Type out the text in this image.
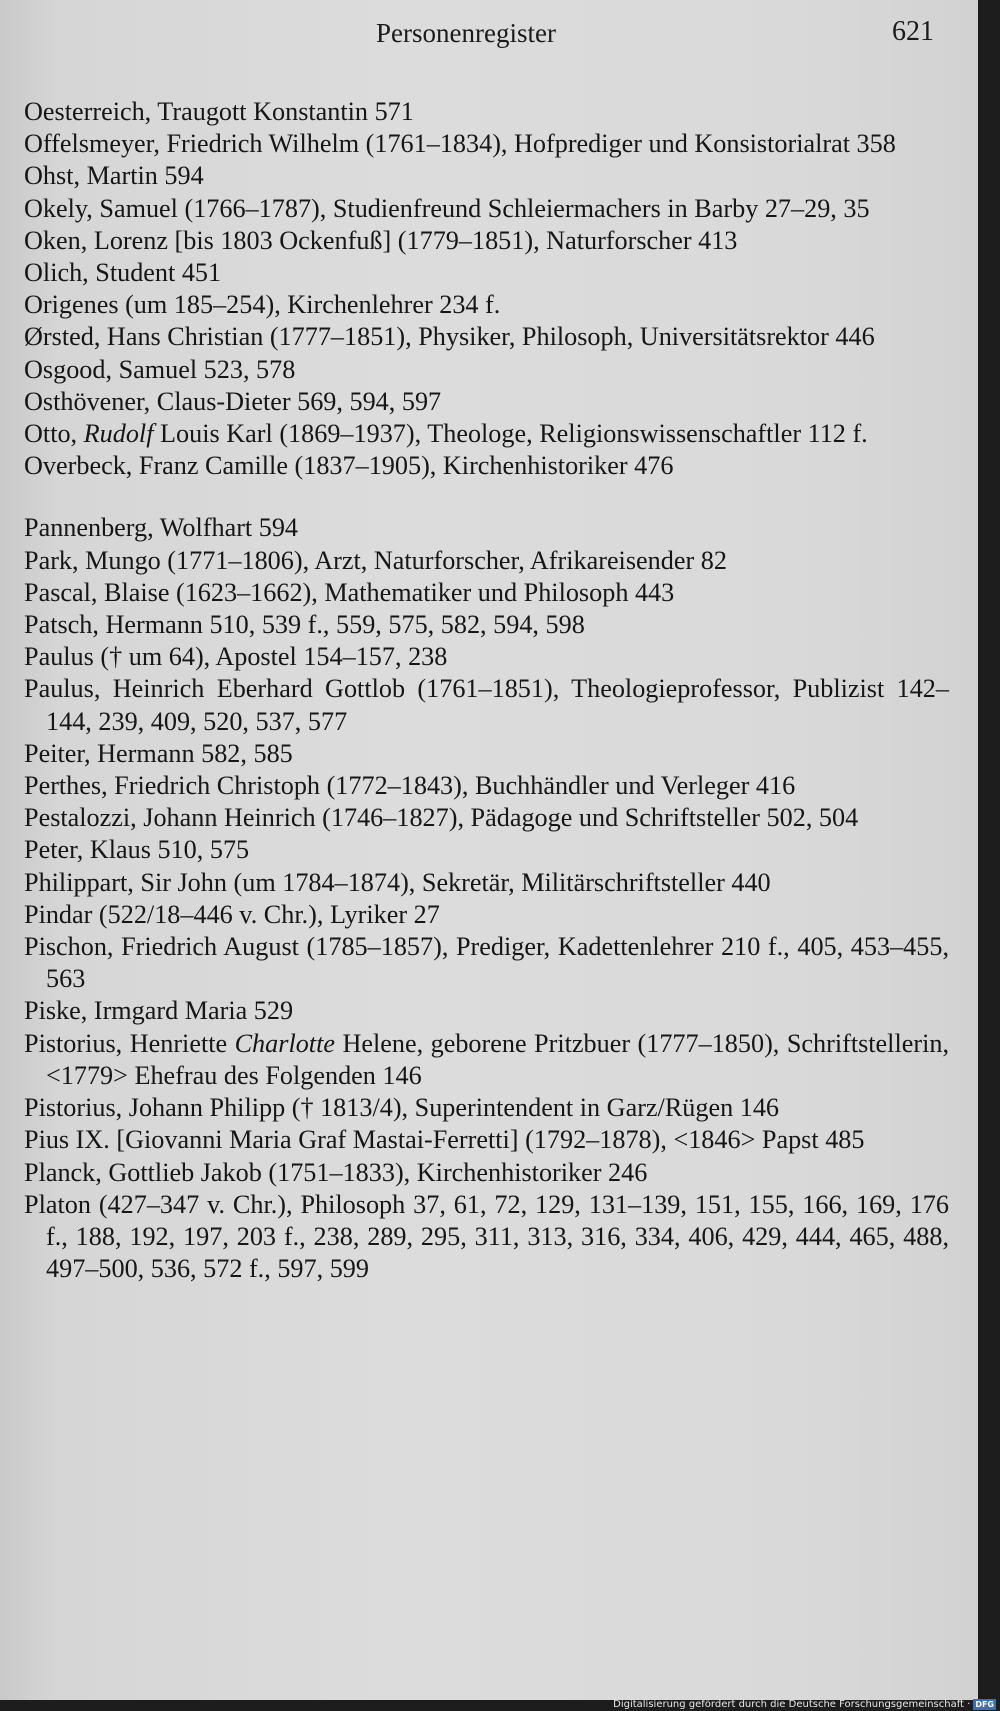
Personenregister	621
Oesterreich, Traugott Konstantin 571
Offelsmeyer, Friedrich Wilhelm (1761–1834), Hofprediger und Konsistorialrat 358
Ohst, Martin 594
Okely, Samuel (1766–1787), Studienfreund Schleiermachers in Barby 27–29, 35
Oken, Lorenz [bis 1803 Ockenfuß] (1779–1851), Naturforscher 413
Olich, Student 451
Origenes (um 185–254), Kirchenlehrer 234 f.
Ørsted, Hans Christian (1777–1851), Physiker, Philosoph, Universitätsrektor 446
Osgood, Samuel 523, 578
Osthövener, Claus-Dieter 569, 594, 597
Otto, Rudolf Louis Karl (1869–1937), Theologe, Religionswissenschaftler 112 f.
Overbeck, Franz Camille (1837–1905), Kirchenhistoriker 476
Pannenberg, Wolfhart 594
Park, Mungo (1771–1806), Arzt, Naturforscher, Afrikareisender 82
Pascal, Blaise (1623–1662), Mathematiker und Philosoph 443
Patsch, Hermann 510, 539 f., 559, 575, 582, 594, 598
Paulus († um 64), Apostel 154–157, 238
Paulus, Heinrich Eberhard Gottlob (1761–1851), Theologieprofessor, Publizist 142–144, 239, 409, 520, 537, 577
Peiter, Hermann 582, 585
Perthes, Friedrich Christoph (1772–1843), Buchhändler und Verleger 416
Pestalozzi, Johann Heinrich (1746–1827), Pädagoge und Schriftsteller 502, 504
Peter, Klaus 510, 575
Philippart, Sir John (um 1784–1874), Sekretär, Militärschriftsteller 440
Pindar (522/18–446 v. Chr.), Lyriker 27
Pischon, Friedrich August (1785–1857), Prediger, Kadettenlehrer 210 f., 405, 453–455, 563
Piske, Irmgard Maria 529
Pistorius, Henriette Charlotte Helene, geborene Pritzbuer (1777–1850), Schriftstellerin, <1779> Ehefrau des Folgenden 146
Pistorius, Johann Philipp († 1813/4), Superintendent in Garz/Rügen 146
Pius IX. [Giovanni Maria Graf Mastai-Ferretti] (1792–1878), <1846> Papst 485
Planck, Gottlieb Jakob (1751–1833), Kirchenhistoriker 246
Platon (427–347 v. Chr.), Philosoph 37, 61, 72, 129, 131–139, 151, 155, 166, 169, 176 f., 188, 192, 197, 203 f., 238, 289, 295, 311, 313, 316, 334, 406, 429, 444, 465, 488, 497–500, 536, 572 f., 597, 599
Digitalisierung gefördert durch die Deutsche Forschungsgemeinschaft · DFG
